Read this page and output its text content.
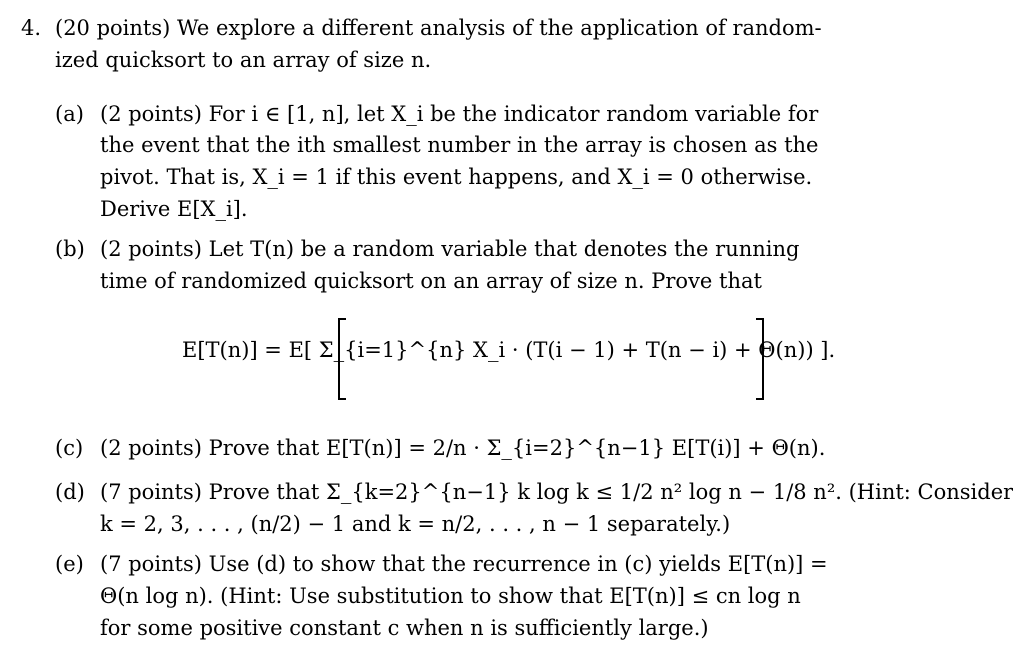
4. (20 points) We explore a different analysis of the application of random-
ized quicksort to an array of size n.
(a) (2 points) For i ∈ [1, n], let X_i be the indicator random variable for
the event that the ith smallest number in the array is chosen as the
pivot. That is, X_i = 1 if this event happens, and X_i = 0 otherwise.
Derive E[X_i].
(b) (2 points) Let T(n) be a random variable that denotes the running
time of randomized quicksort on an array of size n. Prove that
E[T(n)] = E[ Σ_{i=1}^{n} X_i · (T(i − 1) + T(n − i) + Θ(n)) ].
(c) (2 points) Prove that E[T(n)] = 2/n · Σ_{i=2}^{n−1} E[T(i)] + Θ(n).
(d) (7 points) Prove that Σ_{k=2}^{n−1} k log k ≤ 1/2 n² log n − 1/8 n². (Hint: Consider
k = 2, 3, . . . , (n/2) − 1 and k = n/2, . . . , n − 1 separately.)
(e) (7 points) Use (d) to show that the recurrence in (c) yields E[T(n)] =
Θ(n log n). (Hint: Use substitution to show that E[T(n)] ≤ cn log n
for some positive constant c when n is sufficiently large.)
